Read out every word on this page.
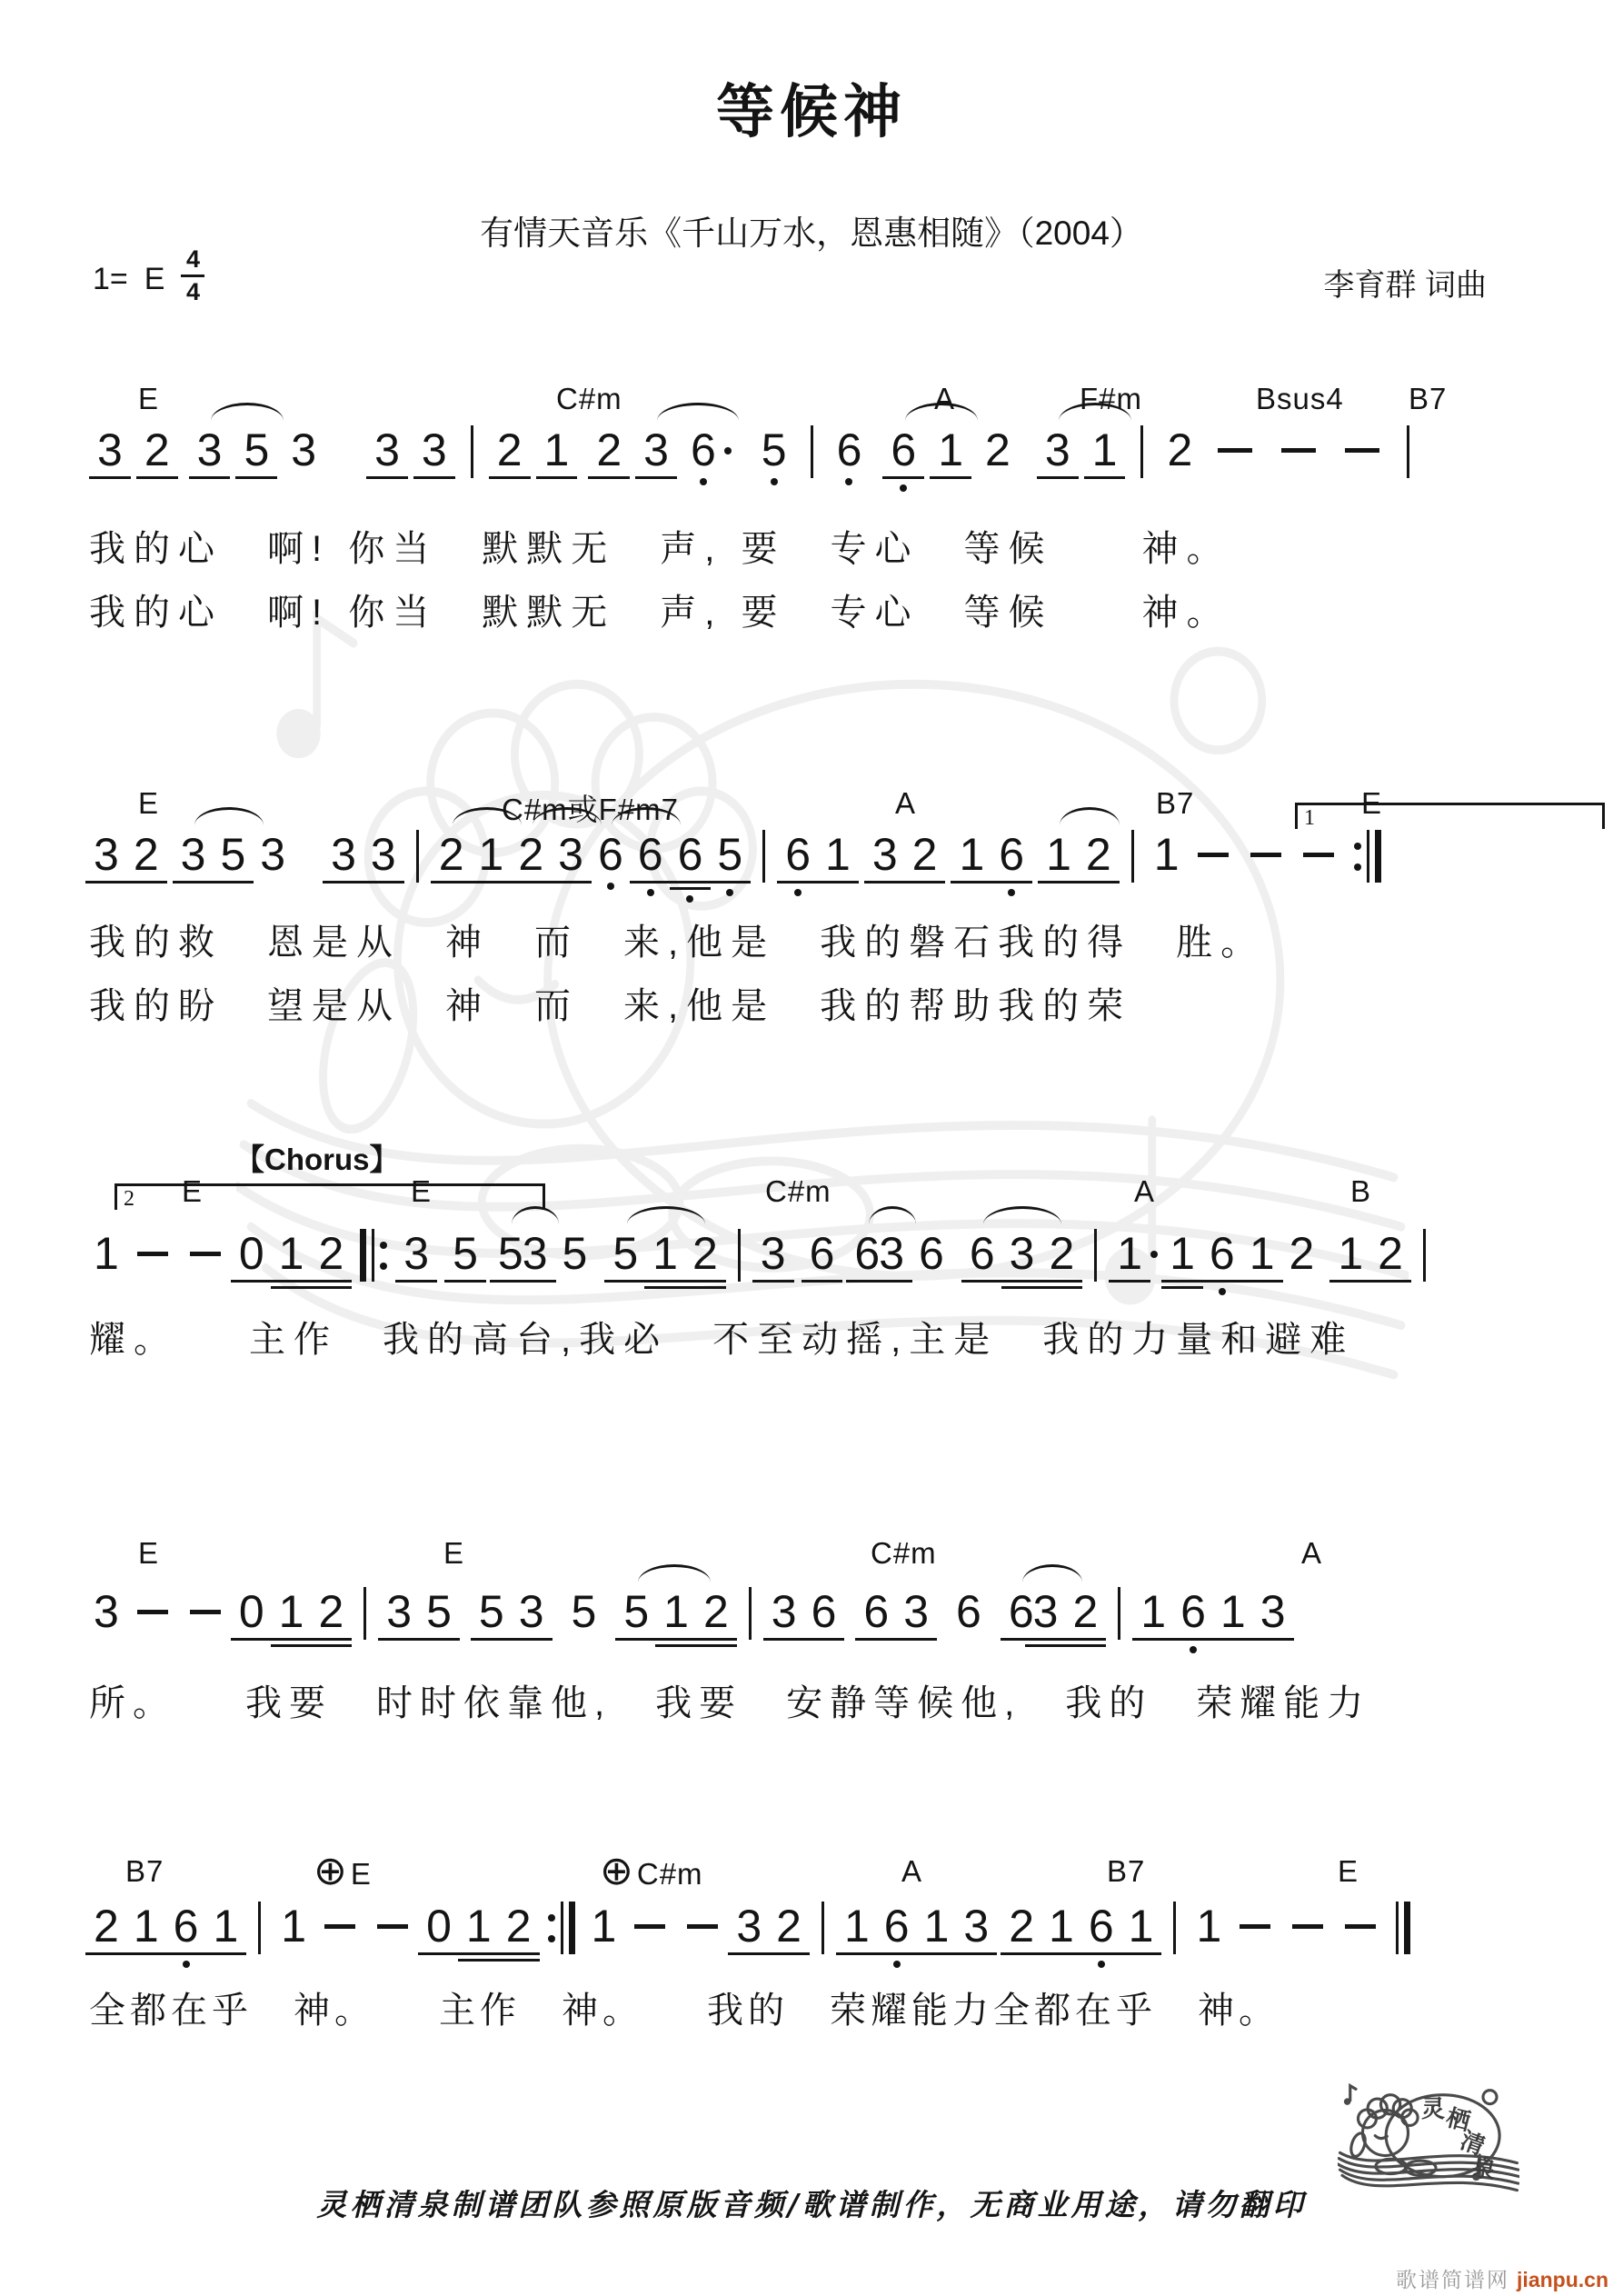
等候神
有情天音乐《千山万水，恩惠相随》（2004）
1= E $\frac{4}{4}$	李育群 词曲
E	C#m	A	F#m	Bsus4 B7
3 2 3 5 3 3 3 2 1 2 3 6 5 6 6 1 2 3 1 2
我的心　啊! 你当　默默无　声, 要　专心　等候　　神。
我的心　啊! 你当　默默无　声, 要　专心　等候　　神。
1
E	C#m或F#m7	A	B7	E
3 2 3 5 3 3 3 2 1 2 3 6 6 6 5 6 1 3 2 1 6 1 2 1
我的救　恩是从　神　而　来,他是　我的磐石我的得　胜。
我的盼　望是从　神　而　来,他是　我的帮助我的荣
2
【Chorus】
E	E	C#m	A	B
1	0 1 2 3 5 5 3 5 5 1 2 3 6 6 3 6 6 3 2 1 1 6 1 2 1 2
耀。　　主作　我的高台,我必　不至动摇,主是　我的力量和避难
E	E	C#m	A
3	0 1 2 3 5 5 3 5 5 1 2 3 6 6 3 6 6 3 2 1 6 1 3
所。　　我要　时时依靠他,　我要　安静等候他,　我的　荣耀能力
B7	⊕ E	⊕ C#m	A	B7	E
2 1 6 1 1	0 1 2 1	3 2 1 6 1 3 2 1 6 1 1
全都在乎　神。　　主作　神。　　我的　荣耀能力全都在乎　神。
灵栖清泉制谱团队参照原版音频/歌谱制作，无商业用途，请勿翻印
灵
栖
清
泉
歌谱简谱网 jianpu.cn
